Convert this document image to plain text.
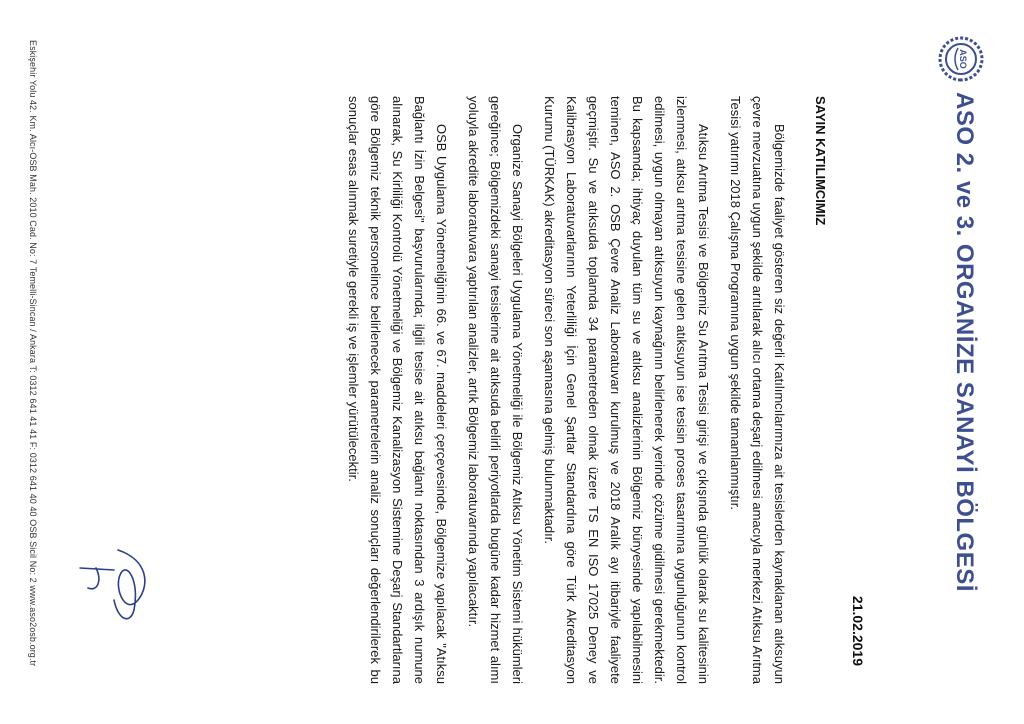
ASO
ASO 2. ve 3. ORGANİZE SANAYİ BÖLGESİ
21.02.2019
SAYIN KATILIMCIMIZ

Bölgemizde faaliyet gösteren siz değerli Katılımcılarımıza ait tesislerden kaynaklanan atıksuyun çevre mevzuatına uygun şekilde arıtılarak alıcı ortama deşarj edilmesi amacıyla merkezi Atıksu Arıtma Tesisi yatırımı 2018 Çalışma Programına uygun şekilde tamamlanmıştır.

Atıksu Arıtma Tesisi ve Bölgemiz Su Arıtma Tesisi girişi ve çıkışında günlük olarak su kalitesinin izlenmesi, atıksu arıtma tesisine gelen atıksuyun ise tesisin proses tasarımına uygunluğunun kontrol edilmesi, uygun olmayan atıksuyun kaynağının belirlenerek yerinde çözüme gidilmesi gerekmektedir. Bu kapsamda; ihtiyaç duyulan tüm su ve atıksu analizlerinin Bölgemiz bünyesinde yapılabilmesini teminen, ASO 2. OSB Çevre Analiz Laboratuvarı kurulmuş ve 2018 Aralık ayı itibariyle faaliyete geçmiştir. Su ve atıksuda toplamda 34 parametreden olmak üzere TS EN ISO 17025 Deney ve Kalibrasyon Laboratuvarlarının Yeterliliği İçin Genel Şartlar Standardına göre Türk Akreditasyon Kurumu (TÜRKAK) akreditasyon süreci son aşamasına gelmiş bulunmaktadır.

Organize Sanayi Bölgeleri Uygulama Yönetmeliği ile Bölgemiz Atıksu Yönetim Sistemi hükümleri gereğince; Bölgemizdeki sanayi tesislerine ait atıksuda belirli periyotlarda bugüne kadar hizmet alımı yoluyla akredite laboratuvara yaptırılan analizler, artık Bölgemiz laboratuvarında yapılacaktır.

OSB Uygulama Yönetmeliğinin 66. ve 67. maddeleri çerçevesinde, Bölgemize yapılacak "Atıksu Bağlantı İzin Belgesi" başvurularında; ilgili tesise ait atıksu bağlantı noktasından 3 ardışık numune alınarak, Su Kirliliği Kontrolü Yönetmeliği ve Bölgemiz Kanalizasyon Sistemine Deşarj Standartlarına göre Bölgemiz teknik personelince belirlenecek parametrelerin analiz sonuçları değerlendirilerek bu sonuçlar esas alınmak suretiyle gerekli iş ve işlemler yürütülecektir.

Eskişehir Yolu 42. Km. Alcı-OSB Mah. 2010 Cad. No: 7 Temelli-Sincan / Ankara T: 0312 641 41 41 F: 0312 641 40 40 OSB Sicil No: 2 www.aso2osb.org.tr
